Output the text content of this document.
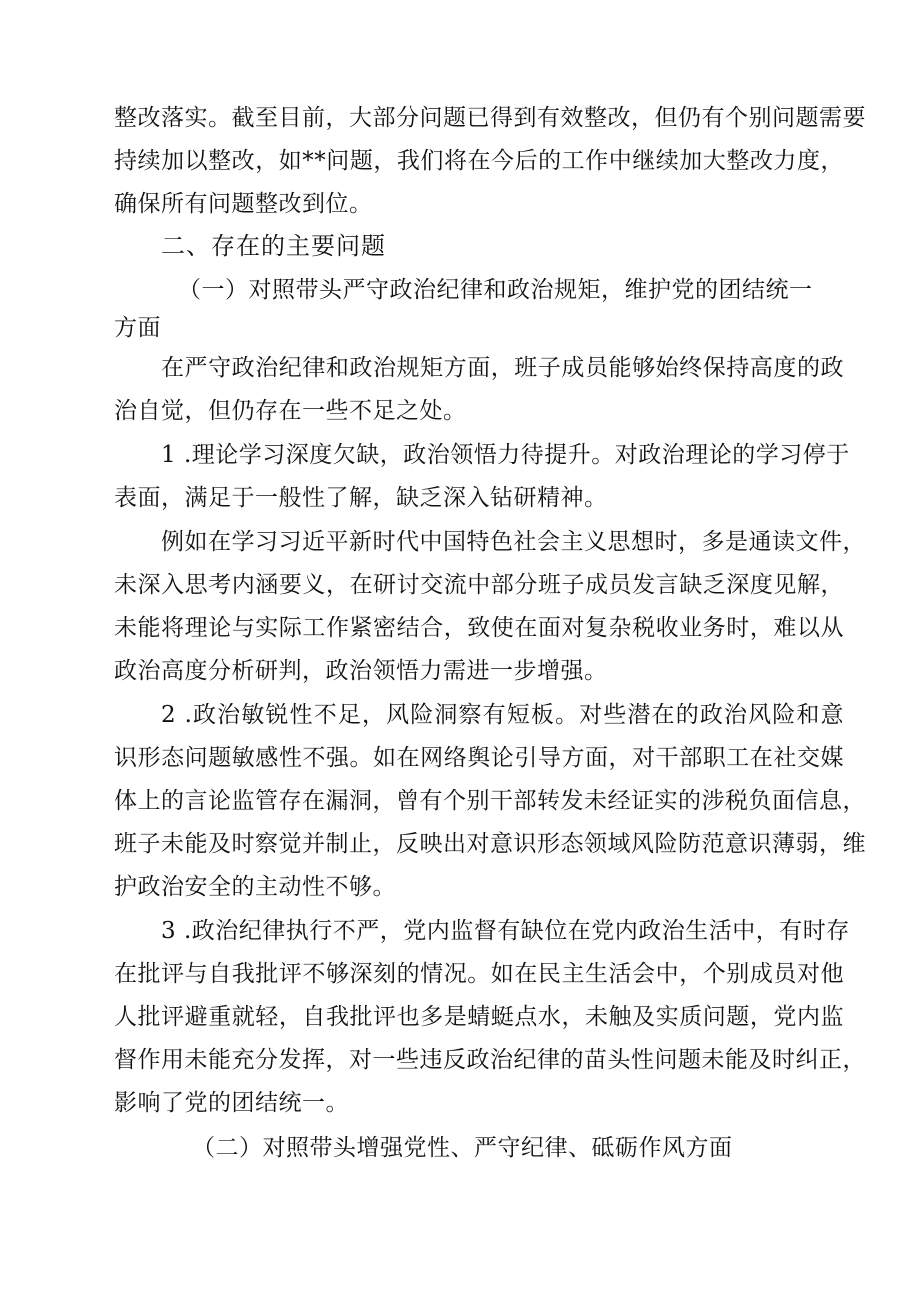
整改落实。截至目前，大部分问题已得到有效整改，但仍有个别问题需要
持续加以整改，如**问题，我们将在今后的工作中继续加大整改力度，
确保所有问题整改到位。
二、存在的主要问题
（一）对照带头严守政治纪律和政治规矩，维护党的团结统一
方面
在严守政治纪律和政治规矩方面，班子成员能够始终保持高度的政
治自觉，但仍存在一些不足之处。
1 .理论学习深度欠缺，政治领悟力待提升。对政治理论的学习停于
表面，满足于一般性了解，缺乏深入钻研精神。
例如在学习习近平新时代中国特色社会主义思想时，多是通读文件，
未深入思考内涵要义，在研讨交流中部分班子成员发言缺乏深度见解，
未能将理论与实际工作紧密结合，致使在面对复杂税收业务时，难以从
政治高度分析研判，政治领悟力需进一步增强。
2 .政治敏锐性不足，风险洞察有短板。对些潜在的政治风险和意
识形态问题敏感性不强。如在网络舆论引导方面，对干部职工在社交媒
体上的言论监管存在漏洞，曾有个别干部转发未经证实的涉税负面信息，
班子未能及时察觉并制止，反映出对意识形态领域风险防范意识薄弱，维
护政治安全的主动性不够。
3 .政治纪律执行不严，党内监督有缺位在党内政治生活中，有时存
在批评与自我批评不够深刻的情况。如在民主生活会中，个别成员对他
人批评避重就轻，自我批评也多是蜻蜓点水，未触及实质问题，党内监
督作用未能充分发挥，对一些违反政治纪律的苗头性问题未能及时纠正，
影响了党的团结统一。
（二）对照带头增强党性、严守纪律、砥砺作风方面
